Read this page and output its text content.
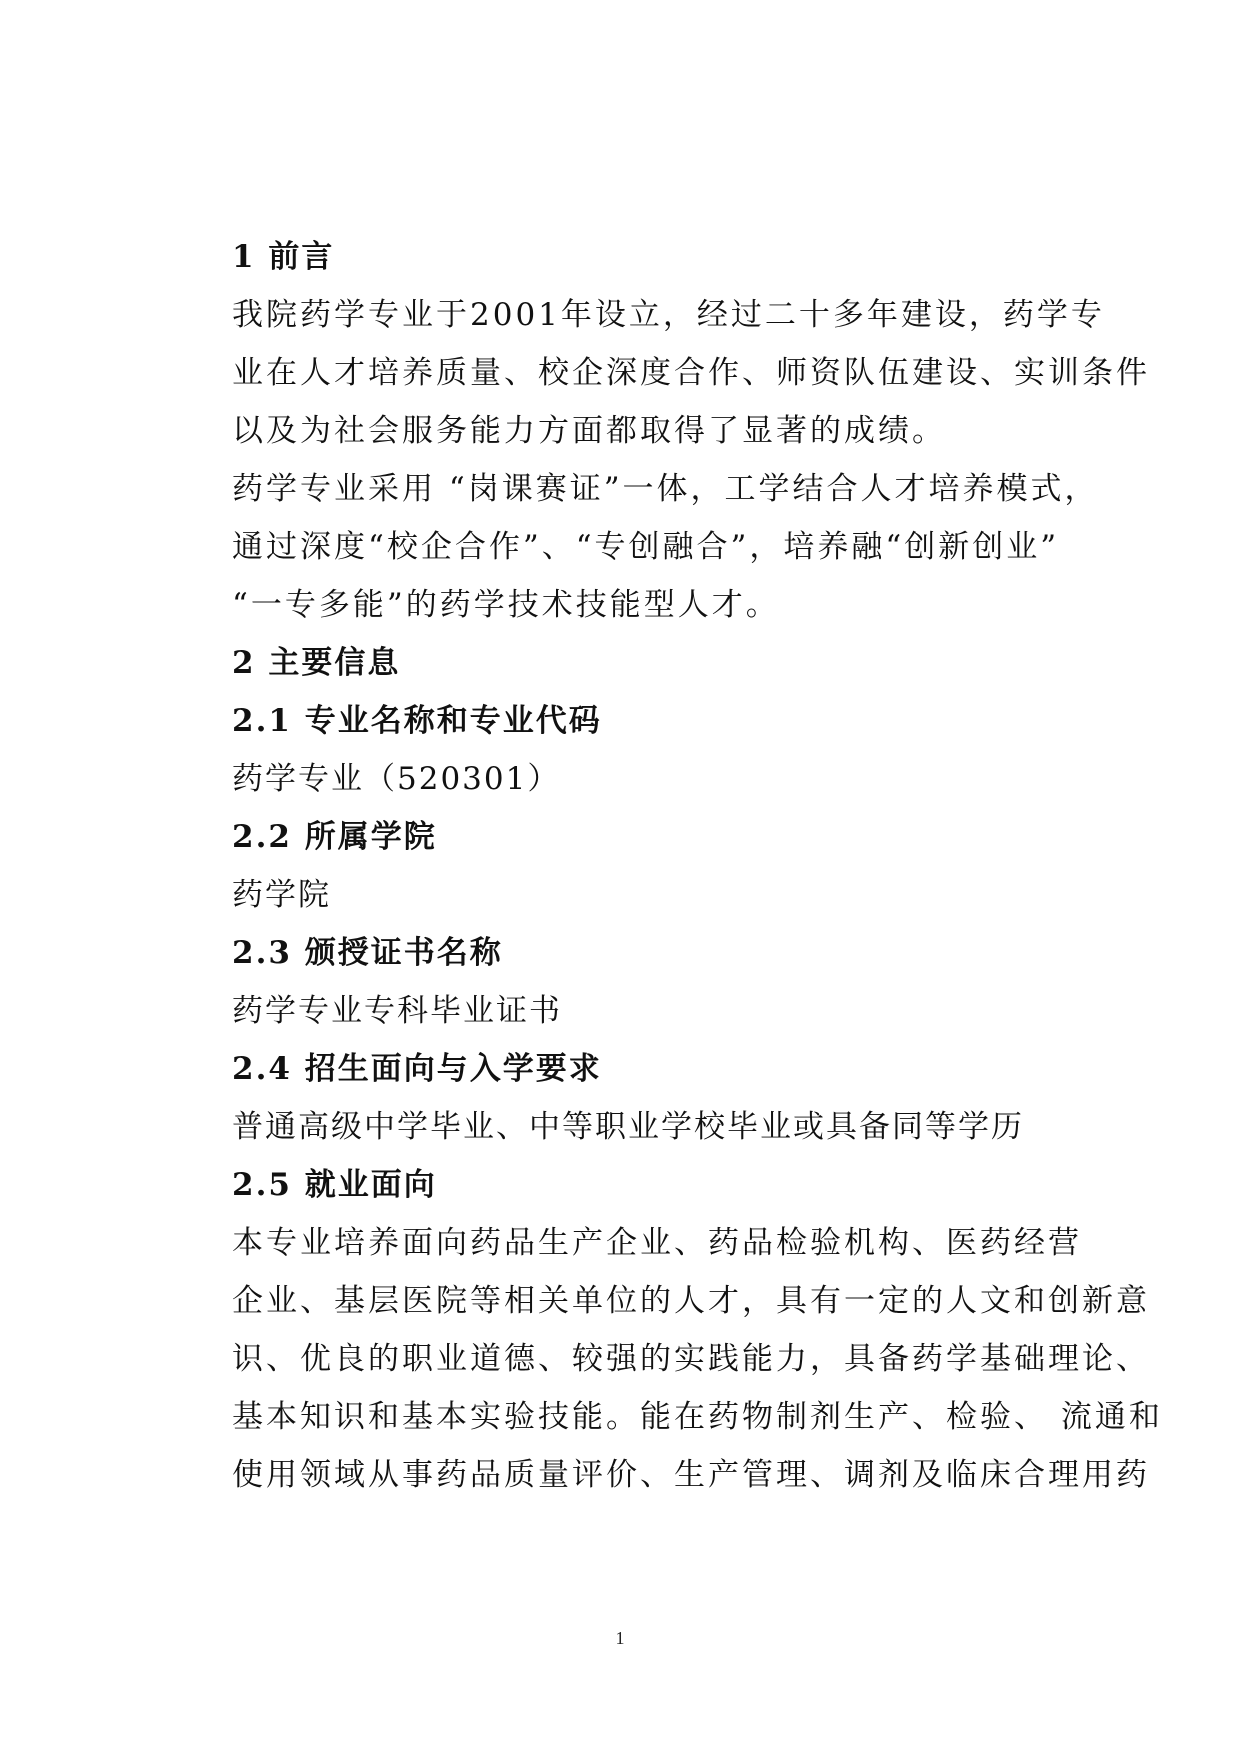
1 前言
我院药学专业于2001年设立，经过二十多年建设，药学专
业在人才培养质量、校企深度合作、师资队伍建设、实训条件
以及为社会服务能力方面都取得了显著的成绩。
药学专业采用 “岗课赛证”一体，工学结合人才培养模式，
通过深度“校企合作”、“专创融合”，培养融“创新创业”
“一专多能”的药学技术技能型人才。
2 主要信息
2.1 专业名称和专业代码
药学专业（520301）
2.2 所属学院
药学院
2.3 颁授证书名称
药学专业专科毕业证书
2.4 招生面向与入学要求
普通高级中学毕业、中等职业学校毕业或具备同等学历
2.5 就业面向
本专业培养面向药品生产企业、药品检验机构、医药经营
企业、基层医院等相关单位的人才，具有一定的人文和创新意
识、优良的职业道德、较强的实践能力，具备药学基础理论、
基本知识和基本实验技能。能在药物制剂生产、检验、 流通和
使用领域从事药品质量评价、生产管理、调剂及临床合理用药
1
